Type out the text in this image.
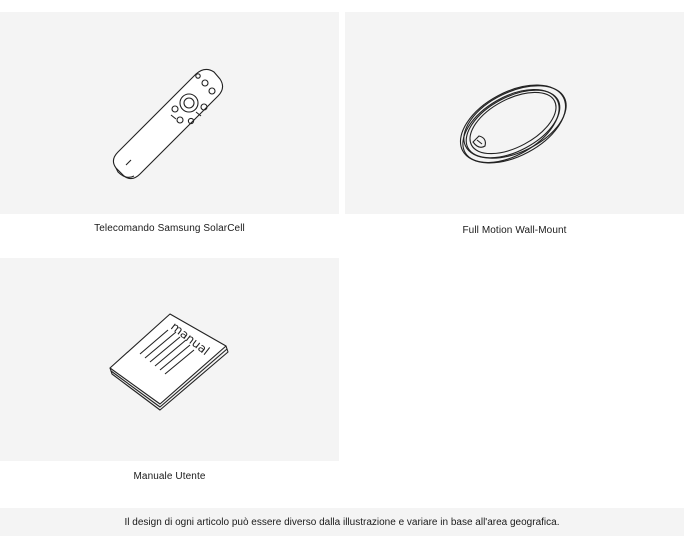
Telecomando Samsung SolarCell	Full Motion Wall-Mount
manual
Manuale Utente
Il design di ogni articolo può essere diverso dalla illustrazione e variare in base all'area geografica.
